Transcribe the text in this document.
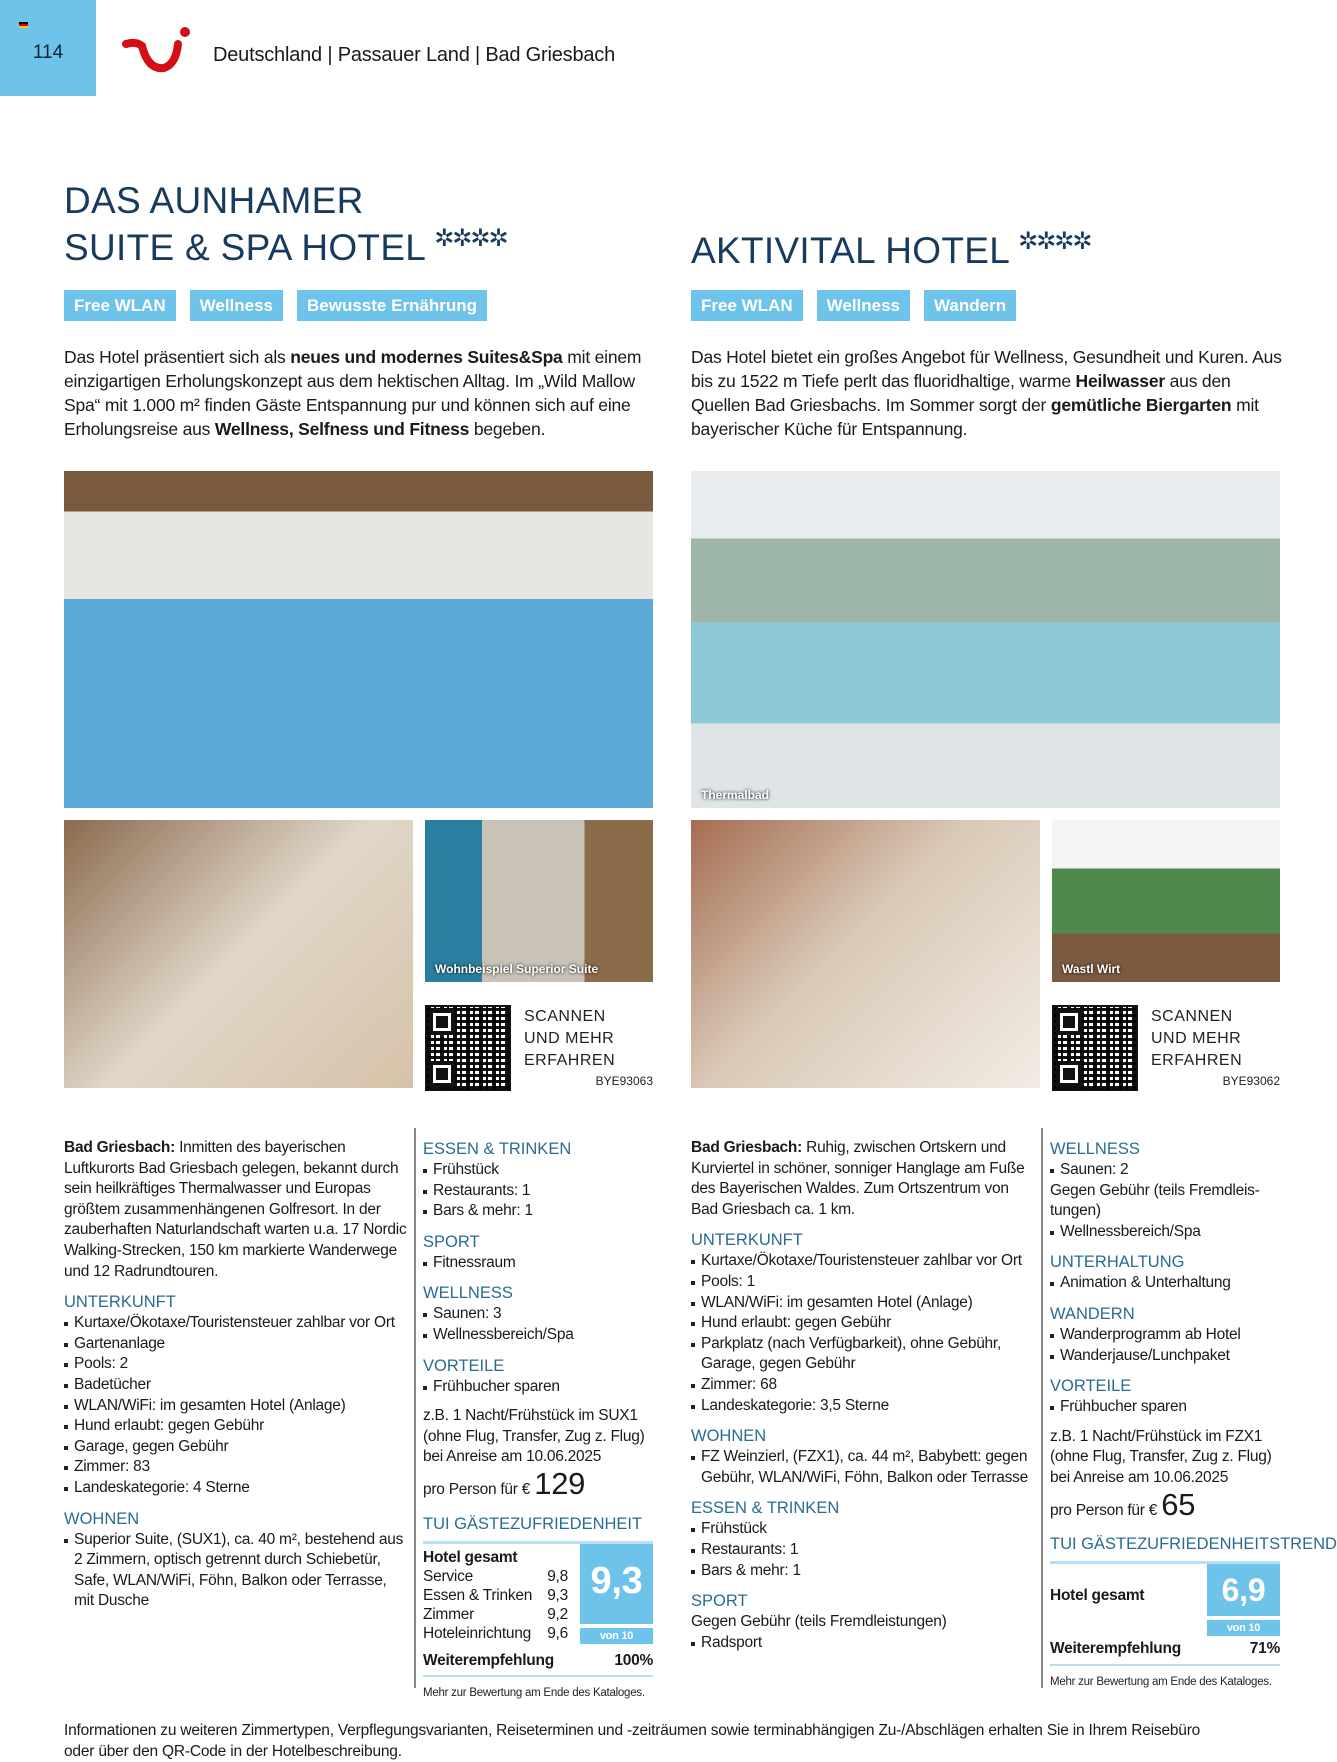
114	Deutschland | Passauer Land | Bad Griesbach
DAS AUNHAMER
SUITE & SPA HOTEL ✲✲✲✲
Free WLAN	Wellness	Bewusste Ernährung

Das Hotel präsentiert sich als neues und modernes Suites&Spa mit einem einzigartigen Erholungskonzept aus dem hektischen Alltag. Im „Wild Mallow Spa“ mit 1.000 m² finden Gäste Entspannung pur und können sich auf eine Erholungsreise aus Wellness, Selfness und Fitness begeben.

Wohnbeispiel Superior Suite
SCANNEN
UND MEHR
ERFAHREN
BYE93063

Bad Griesbach: Inmitten des bayerischen Luftkurorts Bad Griesbach gelegen, bekannt durch sein heilkräftiges Thermalwasser und Europas größtem zusammenhängenen Golfresort. In der zauberhaften Naturlandschaft warten u.a. 17 Nordic Walking-Strecken, 150 km markierte Wanderwege und 12 Radrundtouren.

UNTERKUNFT
Kurtaxe/Ökotaxe/Touristensteuer zahlbar vor Ort
Gartenanlage
Pools: 2
Badetücher
WLAN/WiFi: im gesamten Hotel (Anlage)
Hund erlaubt: gegen Gebühr
Garage, gegen Gebühr
Zimmer: 83
Landeskategorie: 4 Sterne
WOHNEN
Superior Suite, (SUX1), ca. 40 m², bestehend aus 2 Zimmern, optisch getrennt durch Schiebetür, Safe, WLAN/WiFi, Föhn, Balkon oder Terrasse, mit Dusche
ESSEN & TRINKEN
Frühstück
Restaurants: 1
Bars & mehr: 1
SPORT
Fitnessraum
WELLNESS
Saunen: 3
Wellnessbereich/Spa
VORTEILE
Frühbucher sparen
z.B. 1 Nacht/Frühstück im SUX1 (ohne Flug, Transfer, Zug z. Flug) bei Anreise am 10.06.2025
pro Person für € 129
TUI GÄSTEZUFRIEDENHEIT
Hotel gesamt
Service	9,8
Essen & Trinken 9,3
Zimmer	9,2
Hoteleinrichtung 9,6
9,3
von 10
Weiterempfehlung	100%
Mehr zur Bewertung am Ende des Kataloges.
AKTIVITAL HOTEL ✲✲✲✲
Free WLAN	Wellness	Wandern

Das Hotel bietet ein großes Angebot für Wellness, Gesundheit und Kuren. Aus bis zu 1522 m Tiefe perlt das fluoridhaltige, warme Heilwasser aus den Quellen Bad Griesbachs. Im Sommer sorgt der gemütliche Biergarten mit bayerischer Küche für Entspannung.

Thermalbad
Wastl Wirt
SCANNEN
UND MEHR
ERFAHREN
BYE93062

Bad Griesbach: Ruhig, zwischen Ortskern und Kurviertel in schöner, sonniger Hanglage am Fuße des Bayerischen Waldes. Zum Ortszentrum von Bad Griesbach ca. 1 km.

UNTERKUNFT
Kurtaxe/Ökotaxe/Touristensteuer zahlbar vor Ort
Pools: 1
WLAN/WiFi: im gesamten Hotel (Anlage)
Hund erlaubt: gegen Gebühr
Parkplatz (nach Verfügbarkeit), ohne Gebühr, Garage, gegen Gebühr
Zimmer: 68
Landeskategorie: 3,5 Sterne
WOHNEN
FZ Weinzierl, (FZX1), ca. 44 m², Babybett: gegen Gebühr, WLAN/WiFi, Föhn, Balkon oder Terrasse
ESSEN & TRINKEN
Frühstück
Restaurants: 1
Bars & mehr: 1
SPORT
Gegen Gebühr (teils Fremdleistungen)
Radsport
WELLNESS
Saunen: 2
Gegen Gebühr (teils Fremdleistungen)
Wellnessbereich/Spa
UNTERHALTUNG
Animation & Unterhaltung
WANDERN
Wanderprogramm ab Hotel
Wanderjause/Lunchpaket
VORTEILE
Frühbucher sparen
z.B. 1 Nacht/Frühstück im FZX1 (ohne Flug, Transfer, Zug z. Flug) bei Anreise am 10.06.2025
pro Person für € 65
TUI GÄSTEZUFRIEDENHEITSTREND
Hotel gesamt	6,9
von 10
Weiterempfehlung	71%
Mehr zur Bewertung am Ende des Kataloges.
Informationen zu weiteren Zimmertypen, Verpflegungsvarianten, Reiseterminen und -zeiträumen sowie terminabhängigen Zu-/Abschlägen erhalten Sie in Ihrem Reisebüro oder über den QR-Code in der Hotelbeschreibung.
